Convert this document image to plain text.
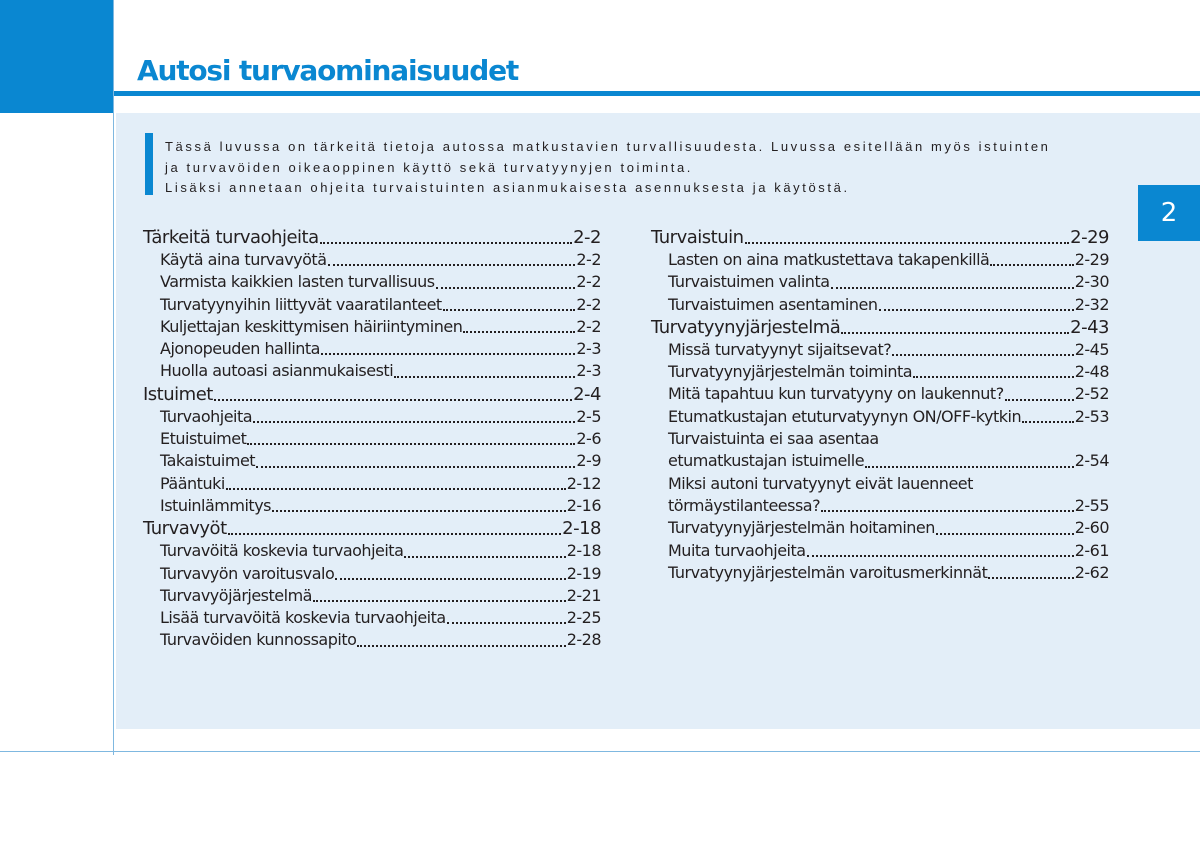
Autosi turvaominaisuudet
2

Tässä luvussa on tärkeitä tietoja autossa matkustavien turvallisuudesta. Luvussa esitellään myös istuinten

ja turvavöiden oikeaoppinen käyttö sekä turvatyynyjen toiminta.

Lisäksi annetaan ohjeita turvaistuinten asianmukaisesta asennuksesta ja käytöstä.

Tärkeitä turvaohjeita	2-2
Käytä aina turvavyötä	2-2
Varmista kaikkien lasten turvallisuus	2-2
Turvatyynyihin liittyvät vaaratilanteet	2-2
Kuljettajan keskittymisen häiriintyminen	2-2
Ajonopeuden hallinta	2-3
Huolla autoasi asianmukaisesti	2-3
Istuimet	2-4
Turvaohjeita	2-5
Etuistuimet	2-6
Takaistuimet	2-9
Pääntuki	2-12
Istuinlämmitys	2-16
Turvavyöt	2-18
Turvavöitä koskevia turvaohjeita	2-18
Turvavyön varoitusvalo	2-19
Turvavyöjärjestelmä	2-21
Lisää turvavöitä koskevia turvaohjeita	2-25
Turvavöiden kunnossapito	2-28
Turvaistuin	2-29
Lasten on aina matkustettava takapenkillä	2-29
Turvaistuimen valinta	2-30
Turvaistuimen asentaminen	2-32
Turvatyynyjärjestelmä	2-43
Missä turvatyynyt sijaitsevat?	2-45
Turvatyynyjärjestelmän toiminta	2-48
Mitä tapahtuu kun turvatyyny on laukennut?	2-52
Etumatkustajan etuturvatyynyn ON/OFF-kytkin	2-53
Turvaistuinta ei saa asentaa
etumatkustajan istuimelle	2-54
Miksi autoni turvatyynyt eivät lauenneet
törmäystilanteessa?	2-55
Turvatyynyjärjestelmän hoitaminen	2-60
Muita turvaohjeita	2-61
Turvatyynyjärjestelmän varoitusmerkinnät	2-62
